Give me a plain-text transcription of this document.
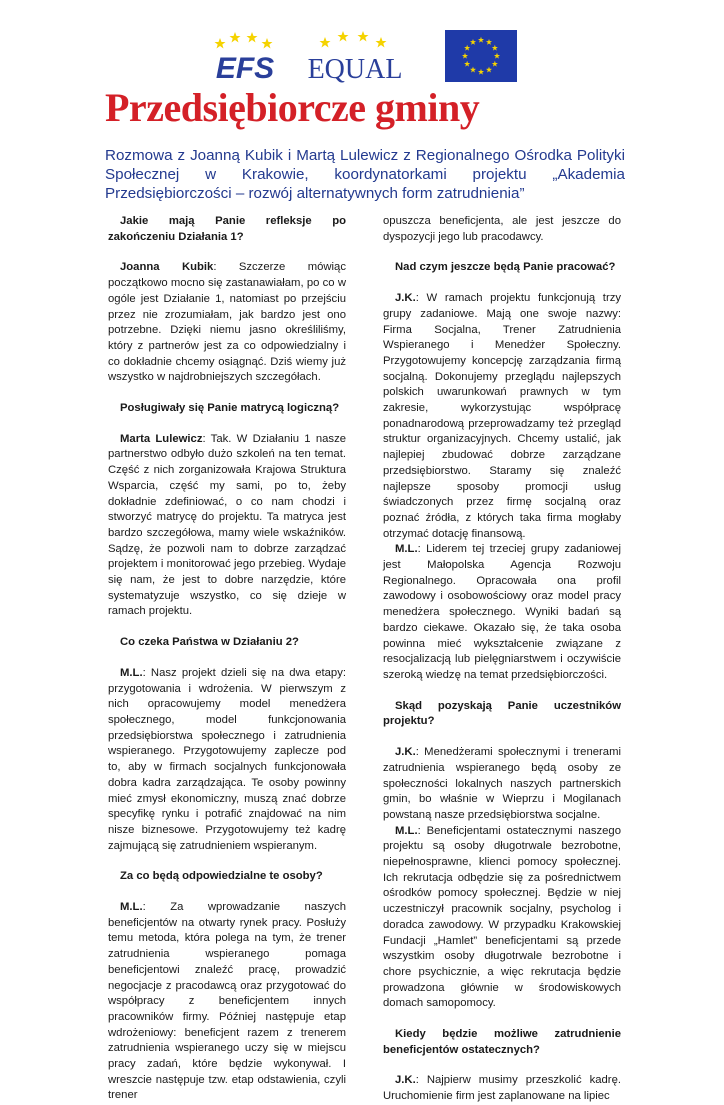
EFS EQUAL
Przedsiębiorcze gminy

Rozmowa z Joanną Kubik i Martą Lulewicz z Regionalnego Ośrodka Polityki Społecznej w Krakowie, koordynatorkami projektu „Akademia Przedsiębiorczości – rozwój alternatywnych form zatrudnienia”

Jakie mają Panie refleksje po zakończeniu Działania 1?

Joanna Kubik: Szczerze mówiąc początkowo mocno się zastanawiałam, po co w ogóle jest Działanie 1, natomiast po przejściu przez nie zrozumiałam, jak bardzo jest ono potrzebne. Dzięki niemu jasno określiliśmy, który z partnerów jest za co odpowiedzialny i co dokładnie chcemy osiągnąć. Dziś wiemy już wszystko w najdrobniejszych szczegółach.

Posługiwały się Panie matrycą logiczną?

Marta Lulewicz: Tak. W Działaniu 1 nasze partnerstwo odbyło dużo szkoleń na ten temat. Część z nich zorganizowała Krajowa Struktura Wsparcia, część my sami, po to, żeby dokładnie zdefiniować, o co nam chodzi i stworzyć matrycę do projektu. Ta matryca jest bardzo szczegółowa, mamy wiele wskaźników. Sądzę, że pozwoli nam to dobrze zarządzać projektem i monitorować jego przebieg. Wydaje się nam, że jest to dobre narzędzie, które systematyzuje wszystko, co się dzieje w ramach projektu.

Co czeka Państwa w Działaniu 2?

M.L.: Nasz projekt dzieli się na dwa etapy: przygotowania i wdrożenia. W pierwszym z nich opracowujemy model menedżera społecznego, model funkcjonowania przedsiębiorstwa społecznego i zatrudnienia wspieranego. Przygotowujemy zaplecze pod to, aby w firmach socjalnych funkcjonowała dobra kadra zarządzająca. Te osoby powinny mieć zmysł ekonomiczny, muszą znać dobrze specyfikę rynku i potrafić znajdować na nim nisze biznesowe. Przygotowujemy też kadrę zajmującą się zatrudnieniem wspieranym.

Za co będą odpowiedzialne te osoby?

M.L.: Za wprowadzanie naszych beneficjentów na otwarty rynek pracy. Posłuży temu metoda, która polega na tym, że trener zatrudnienia wspieranego pomaga beneficjentowi znaleźć pracę, prowadzić negocjacje z pracodawcą oraz przygotować do współpracy z beneficjentem innych pracowników firmy. Później następuje etap wdrożeniowy: beneficjent razem z trenerem zatrudnienia wspieranego uczy się w miejscu pracy zadań, które będzie wykonywał. I wreszcie następuje tzw. etap odstawienia, czyli trener

opuszcza beneficjenta, ale jest jeszcze do dyspozycji jego lub pracodawcy.

Nad czym jeszcze będą Panie pracować?

J.K.: W ramach projektu funkcjonują trzy grupy zadaniowe. Mają one swoje nazwy: Firma Socjalna, Trener Zatrudnienia Wspieranego i Menedżer Społeczny. Przygotowujemy koncepcję zarządzania firmą socjalną. Dokonujemy przeglądu najlepszych polskich uwarunkowań prawnych w tym zakresie, wykorzystując współpracę ponadnarodową przeprowadzamy też przegląd struktur organizacyjnych. Chcemy ustalić, jak najlepiej zbudować dobrze zarządzane przedsiębiorstwo. Staramy się znaleźć najlepsze sposoby promocji usług świadczonych przez firmę socjalną oraz poznać źródła, z których taka firma mogłaby otrzymać dotację finansową.

M.L.: Liderem tej trzeciej grupy zadaniowej jest Małopolska Agencja Rozwoju Regionalnego. Opracowała ona profil zawodowy i osobowościowy oraz model pracy menedżera społecznego. Wyniki badań są bardzo ciekawe. Okazało się, że taka osoba powinna mieć wykształcenie związane z resocjalizacją lub pielęgniarstwem i oczywiście szeroką wiedzę na temat przedsiębiorczości.

Skąd pozyskają Panie uczestników projektu?

J.K.: Menedżerami społecznymi i trenerami zatrudnienia wspieranego będą osoby ze społeczności lokalnych naszych partnerskich gmin, bo właśnie w Wieprzu i Mogilanach powstaną nasze przedsiębiorstwa socjalne.

M.L.: Beneficjentami ostatecznymi naszego projektu są osoby długotrwale bezrobotne, niepełnosprawne, klienci pomocy społecznej. Ich rekrutacja odbędzie się za pośrednictwem ośrodków pomocy społecznej. Będzie w niej uczestniczył pracownik socjalny, psycholog i doradca zawodowy. W przypadku Krakowskiej Fundacji „Hamlet” beneficjentami są przede wszystkim osoby długotrwale bezrobotne i chore psychicznie, a więc rekrutacja będzie prowadzona głównie w środowiskowych domach samopomocy.

Kiedy będzie możliwe zatrudnienie beneficjentów ostatecznych?

J.K.: Najpierw musimy przeszkolić kadrę. Uruchomienie firm jest zaplanowane na lipiec
